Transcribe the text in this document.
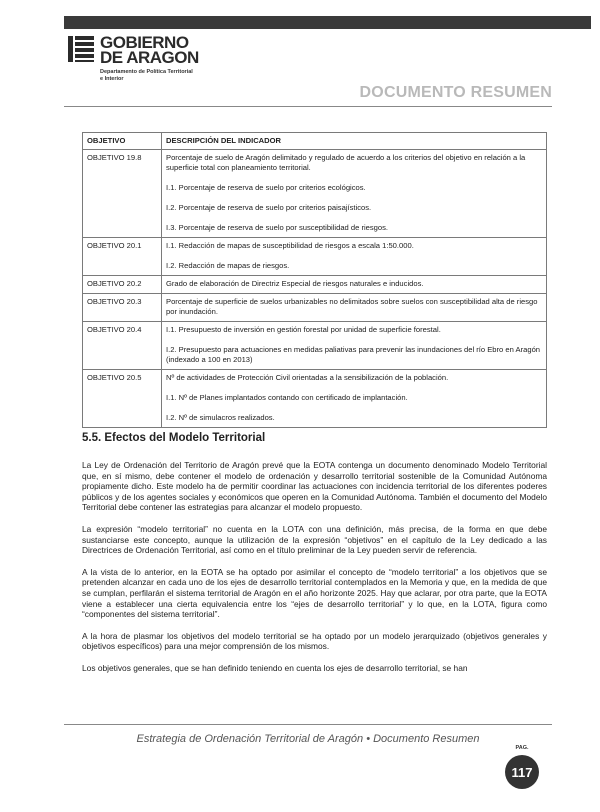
GOBIERNO
DE ARAGON
Departamento de Política Territorial
e Interior
DOCUMENTO RESUMEN
OBJETIVO	DESCRIPCIÓN DEL INDICADOR
OBJETIVO 19.8	Porcentaje de suelo de Aragón delimitado y regulado de acuerdo a los criterios del objetivo en relación a la superficie total con planeamiento territorial.

I.1. Porcentaje de reserva de suelo por criterios ecológicos.

I.2. Porcentaje de reserva de suelo por criterios paisajísticos.

I.3. Porcentaje de reserva de suelo por susceptibilidad de riesgos.

OBJETIVO 20.1	I.1. Redacción de mapas de susceptibilidad de riesgos a escala 1:50.000.

I.2. Redacción de mapas de riesgos.

OBJETIVO 20.2	Grado de elaboración de Directriz Especial de riesgos naturales e inducidos.

OBJETIVO 20.3	Porcentaje de superficie de suelos urbanizables no delimitados sobre suelos con susceptibilidad alta de riesgo por inundación.

OBJETIVO 20.4	I.1. Presupuesto de inversión en gestión forestal por unidad de superficie forestal.

I.2. Presupuesto para actuaciones en medidas paliativas para prevenir las inundaciones del río Ebro en Aragón (indexado a 100 en 2013)

OBJETIVO 20.5	Nº de actividades de Protección Civil orientadas a la sensibilización de la población.

I.1. Nº de Planes implantados contando con certificado de implantación.

I.2. Nº de simulacros realizados.

5.5. Efectos del Modelo Territorial

La Ley de Ordenación del Territorio de Aragón prevé que la EOTA contenga un documento denominado Modelo Territorial que, en sí mismo, debe contener el modelo de ordenación y desarrollo territorial sostenible de la Comunidad Autónoma propiamente dicho. Este modelo ha de permitir coordinar las actuaciones con incidencia territorial de los diferentes poderes públicos y de los agentes sociales y económicos que operen en la Comunidad Autónoma. También el documento del Modelo Territorial debe contener las estrategias para alcanzar el modelo propuesto.

La expresión “modelo territorial” no cuenta en la LOTA con una definición, más precisa, de la forma en que debe sustanciarse este concepto, aunque la utilización de la expresión “objetivos” en el capítulo de la Ley dedicado a las Directrices de Ordenación Territorial, así como en el título preliminar de la Ley pueden servir de referencia.

A la vista de lo anterior, en la EOTA se ha optado por asimilar el concepto de “modelo territorial” a los objetivos que se pretenden alcanzar en cada uno de los ejes de desarrollo territorial contemplados en la Memoria y que, en la medida de que se cumplan, perfilarán el sistema territorial de Aragón en el año horizonte 2025. Hay que aclarar, por otra parte, que la EOTA viene a establecer una cierta equivalencia entre los “ejes de desarrollo territorial” y lo que, en la LOTA, figura como “componentes del sistema territorial”.

A la hora de plasmar los objetivos del modelo territorial se ha optado por un modelo jerarquizado (objetivos generales y objetivos específicos) para una mejor comprensión de los mismos.

Los objetivos generales, que se han definido teniendo en cuenta los ejes de desarrollo territorial, se han

Estrategia de Ordenación Territorial de Aragón • Documento Resumen
PAG.
117
